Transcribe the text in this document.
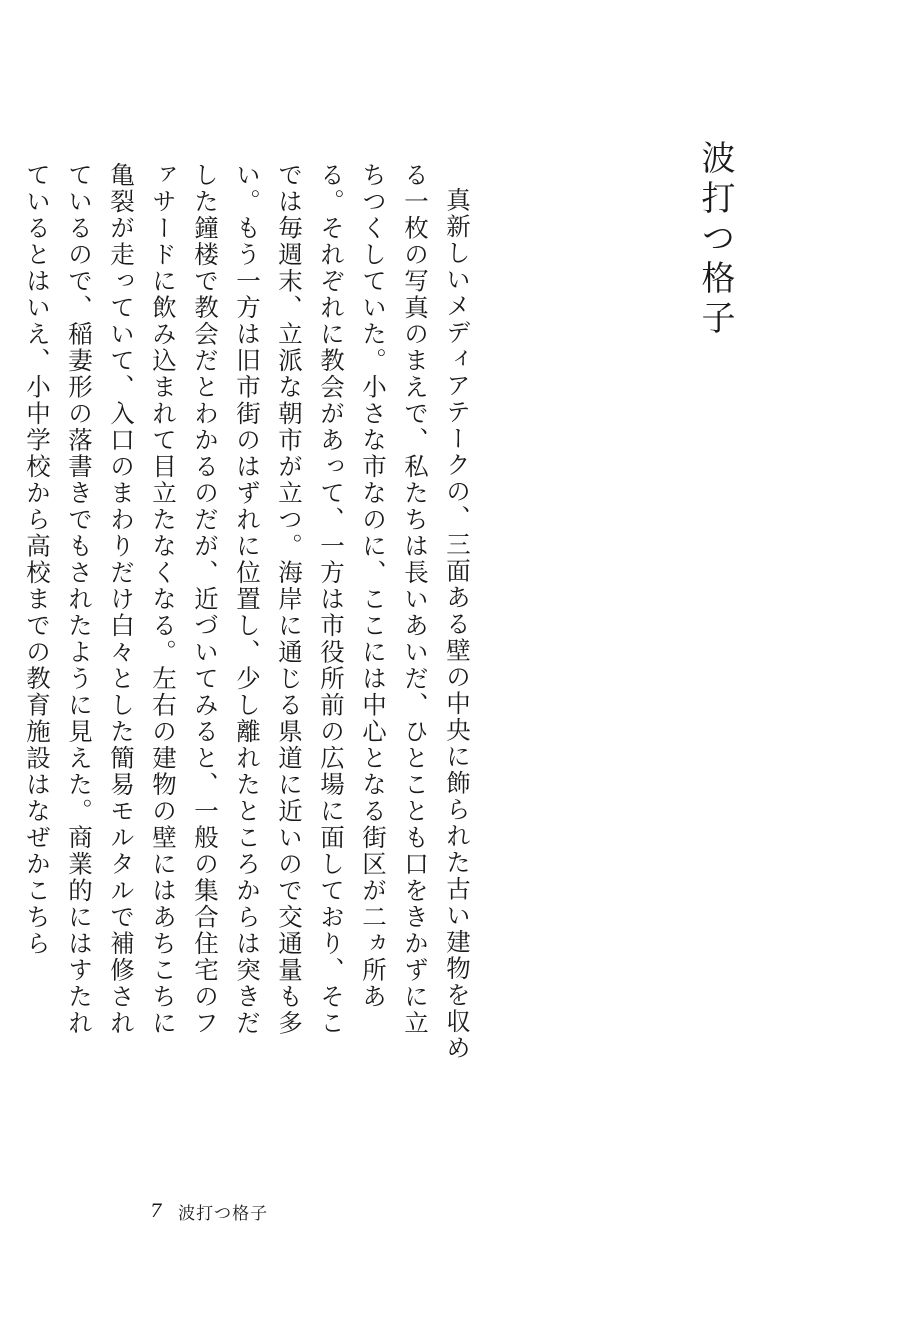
波打つ格子

真新しいメディアテークの、三面ある壁の中央に飾られた古い建物を収める一枚の写真のまえで、私たちは長いあいだ、ひとことも口をきかずに立ちつくしていた。小さな市なのに、ここには中心となる街区が二ヵ所ある。それぞれに教会があって、一方は市役所前の広場に面しており、そこでは毎週末、立派な朝市が立つ。海岸に通じる県道に近いので交通量も多い。もう一方は旧市街のはずれに位置し、少し離れたところからは突きだした鐘楼で教会だとわかるのだが、近づいてみると、一般の集合住宅のファサードに飲み込まれて目立たなくなる。左右の建物の壁にはあちこちに亀裂が走っていて、入口のまわりだけ白々とした簡易モルタルで補修されているので、稲妻形の落書きでもされたように見えた。商業的にはすたれているとはいえ、小中学校から高校までの教育施設はなぜかこちら

7 波打つ格子
